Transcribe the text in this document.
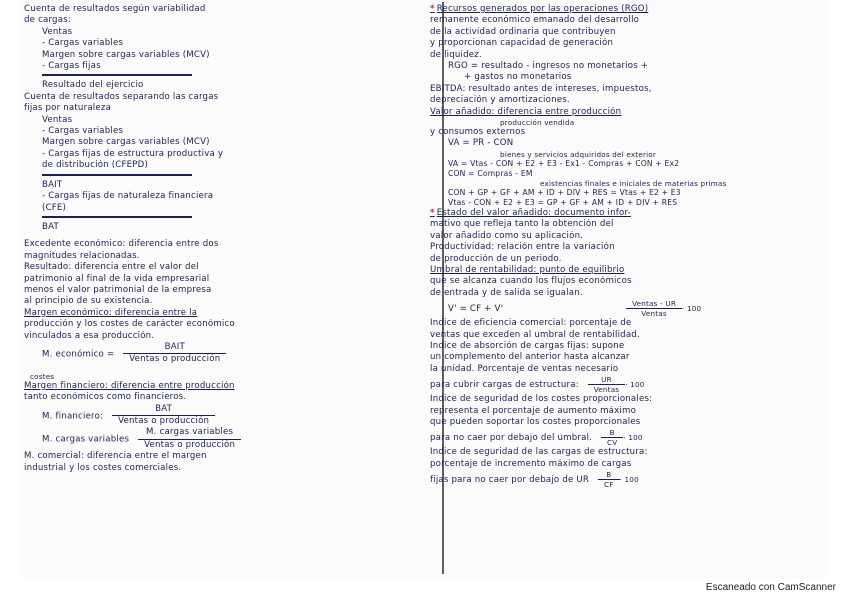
Cuenta de resultados según variabilidad
de cargas:
Ventas
- Cargas variables
Margen sobre cargas variables (MCV)
- Cargas fijas
Resultado del ejercicio
Cuenta de resultados separando las cargas
fijas por naturaleza
Ventas
- Cargas variables
Margen sobre cargas variables (MCV)
- Cargas fijas de estructura productiva y
de distribución (CFEPD)
BAIT
- Cargas fijas de naturaleza financiera
(CFE)
BAT
Excedente económico: diferencia entre dos
magnitudes relacionadas.
Resultado: diferencia entre el valor del
patrimonio al final de la vida empresarial
menos el valor patrimonial de la empresa
al principio de su existencia.
Margen económico: diferencia entre la
producción y los costes de carácter económico
vinculados a esa producción.
M. económico = $\frac{\text{BAIT}}{\text{Ventas o producción}}$
costes
Margen financiero: diferencia entre producción
tanto económicos como financieros.
M. financiero: $\frac{\text{BAT}}{\text{Ventas o producción}}$
M. cargas variables $\frac{\text{M. cargas variables}}{\text{Ventas o producción}}$
M. comercial: diferencia entre el margen
industrial y los costes comerciales.
* Recursos generados por las operaciones (RGO)
remanente económico emanado del desarrollo
de la actividad ordinaria que contribuyen
y proporcionan capacidad de generación
de liquidez.
RGO = resultado - ingresos no monetarios +
+ gastos no monetarios
EBITDA: resultado antes de intereses, impuestos,
depreciación y amortizaciones.
Valor añadido: diferencia entre producción
producción vendida
y consumos externos
VA = PR - CON
bienes y servicios adquiridos del exterior
VA = Vtas - CON + E2 + E3 - Ex1 - Compras + CON + Ex2
CON = Compras - EM
existencias finales e iniciales de materias primas
CON + GP + GF + AM + ID + DIV + RES = Vtas + E2 + E3
Vtas - CON + E2 + E3 = GP + GF + AM + ID + DIV + RES
* Estado del valor añadido: documento infor-
mativo que refleja tanto la obtención del
valor añadido como su aplicación.
Productividad: relación entre la variación
de producción de un periodo.
Umbral de rentabilidad: punto de equilibrio
que se alcanza cuando los flujos económicos
de entrada y de salida se igualan.
V' = CF + V'	$\frac{\text{Ventas - UR}}{\text{Ventas}} \cdot 100$
Índice de eficiencia comercial: porcentaje de
ventas que exceden al umbral de rentabilidad.
Índice de absorción de cargas fijas: supone
un complemento del anterior hasta alcanzar
la unidad. Porcentaje de ventas necesario
para cubrir cargas de estructura: $\frac{UR}{\text{Ventas}} \cdot 100$
Índice de seguridad de los costes proporcionales:
representa el porcentaje de aumento máximo
que pueden soportar los costes proporcionales
para no caer por debajo del umbral. $\frac{B}{CV} \cdot 100$
Índice de seguridad de las cargas de estructura:
porcentaje de incremento máximo de cargas
fijas para no caer por debajo de UR $\frac{B}{CF} \cdot 100$
Escaneado con CamScanner
